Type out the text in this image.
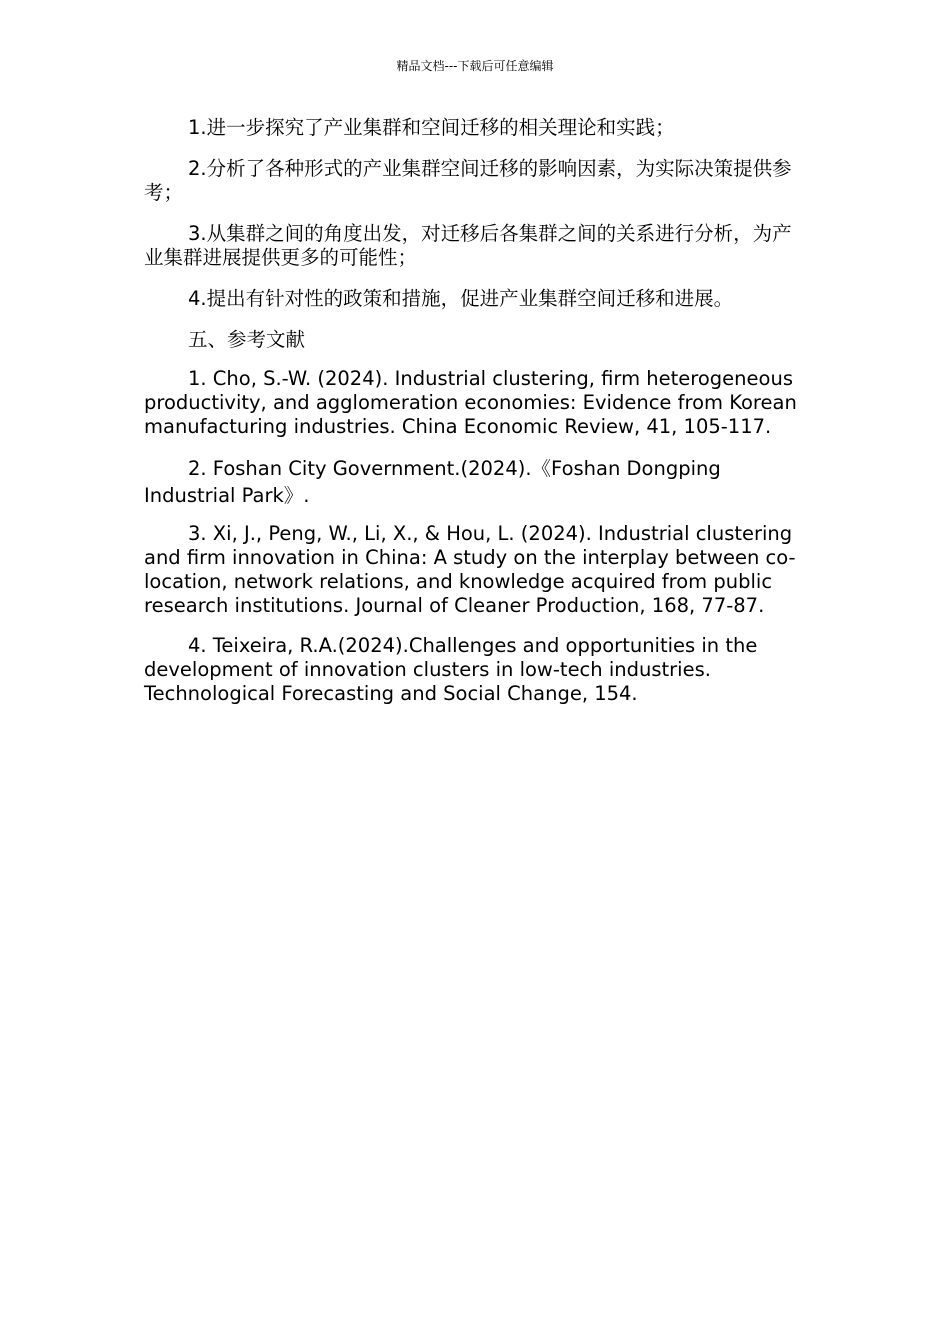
精品文档---下载后可任意编辑

1.进一步探究了产业集群和空间迁移的相关理论和实践；

2.分析了各种形式的产业集群空间迁移的影响因素，为实际决策提供参考；

3.从集群之间的角度出发，对迁移后各集群之间的关系进行分析，为产业集群进展提供更多的可能性；

4.提出有针对性的政策和措施，促进产业集群空间迁移和进展。

五、参考文献

1. Cho, S.-W. (2024). Industrial clustering, firm heterogeneous productivity, and agglomeration economies: Evidence from Korean manufacturing industries. China Economic Review, 41, 105-117.

2. Foshan City Government.(2024).《Foshan Dongping Industrial Park》.

3. Xi, J., Peng, W., Li, X., & Hou, L. (2024). Industrial clustering and firm innovation in China: A study on the interplay between co-location, network relations, and knowledge acquired from public research institutions. Journal of Cleaner Production, 168, 77-87.

4. Teixeira, R.A.(2024).Challenges and opportunities in the development of innovation clusters in low-tech industries. Technological Forecasting and Social Change, 154.
